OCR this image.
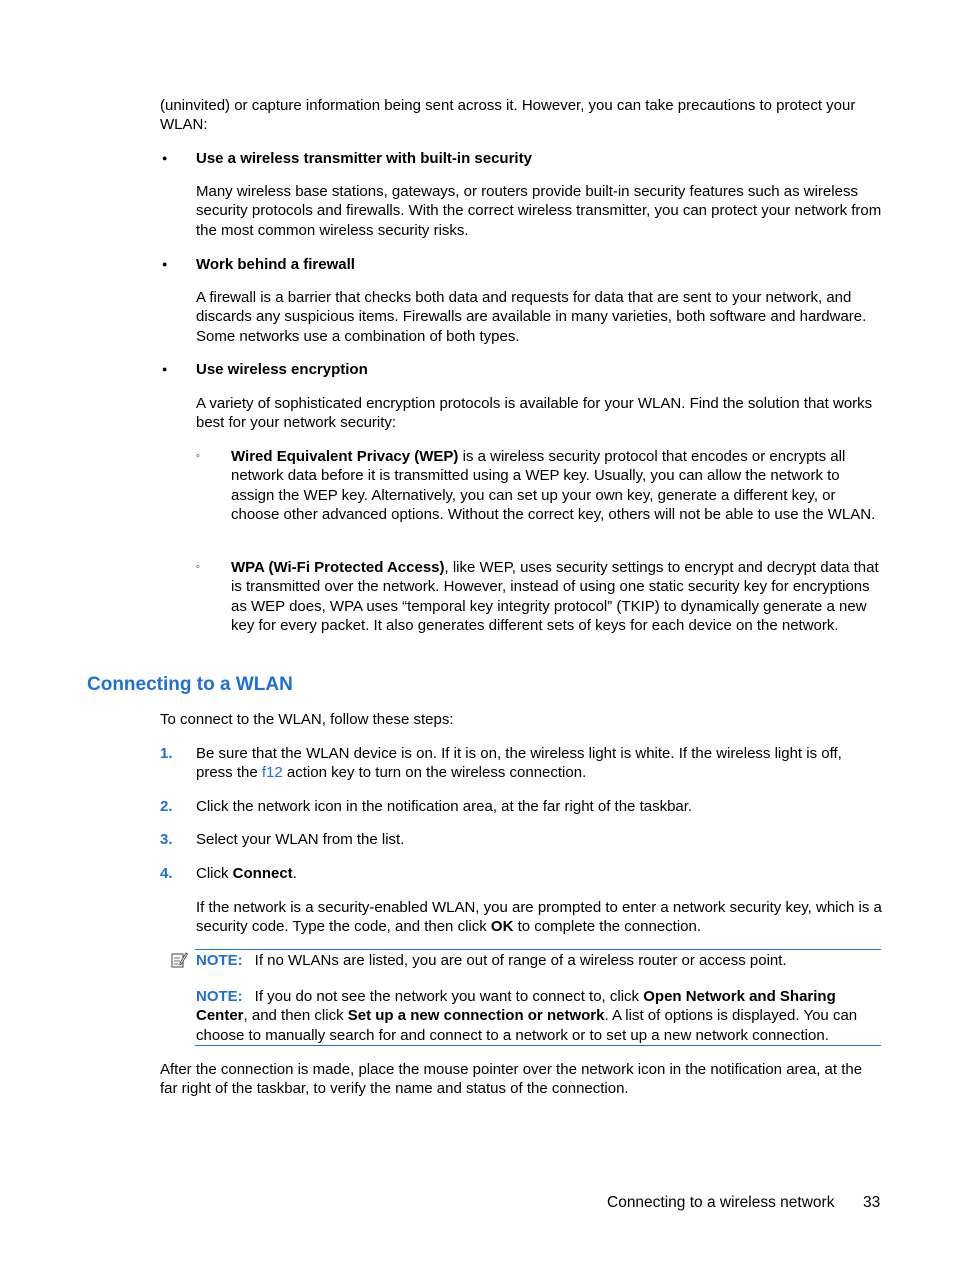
(uninvited) or capture information being sent across it. However, you can take precautions to protect your WLAN:

● Use a wireless transmitter with built-in security

Many wireless base stations, gateways, or routers provide built-in security features such as wireless security protocols and firewalls. With the correct wireless transmitter, you can protect your network from the most common wireless security risks.

● Work behind a firewall

A firewall is a barrier that checks both data and requests for data that are sent to your network, and discards any suspicious items. Firewalls are available in many varieties, both software and hardware. Some networks use a combination of both types.

● Use wireless encryption

A variety of sophisticated encryption protocols is available for your WLAN. Find the solution that works best for your network security:

◦ Wired Equivalent Privacy (WEP) is a wireless security protocol that encodes or encrypts all network data before it is transmitted using a WEP key. Usually, you can allow the network to assign the WEP key. Alternatively, you can set up your own key, generate a different key, or choose other advanced options. Without the correct key, others will not be able to use the WLAN.

◦ WPA (Wi-Fi Protected Access), like WEP, uses security settings to encrypt and decrypt data that is transmitted over the network. However, instead of using one static security key for encryptions as WEP does, WPA uses “temporal key integrity protocol” (TKIP) to dynamically generate a new key for every packet. It also generates different sets of keys for each device on the network.

Connecting to a WLAN

To connect to the WLAN, follow these steps:

1. Be sure that the WLAN device is on. If it is on, the wireless light is white. If the wireless light is off, press the f12 action key to turn on the wireless connection.

2. Click the network icon in the notification area, at the far right of the taskbar.

3. Select your WLAN from the list.

4. Click Connect.

If the network is a security-enabled WLAN, you are prompted to enter a network security key, which is a security code. Type the code, and then click OK to complete the connection.

NOTE: If no WLANs are listed, you are out of range of a wireless router or access point.

NOTE: If you do not see the network you want to connect to, click Open Network and Sharing Center, and then click Set up a new connection or network. A list of options is displayed. You can choose to manually search for and connect to a network or to set up a new network connection.

After the connection is made, place the mouse pointer over the network icon in the notification area, at the far right of the taskbar, to verify the name and status of the connection.

Connecting to a wireless network 33
